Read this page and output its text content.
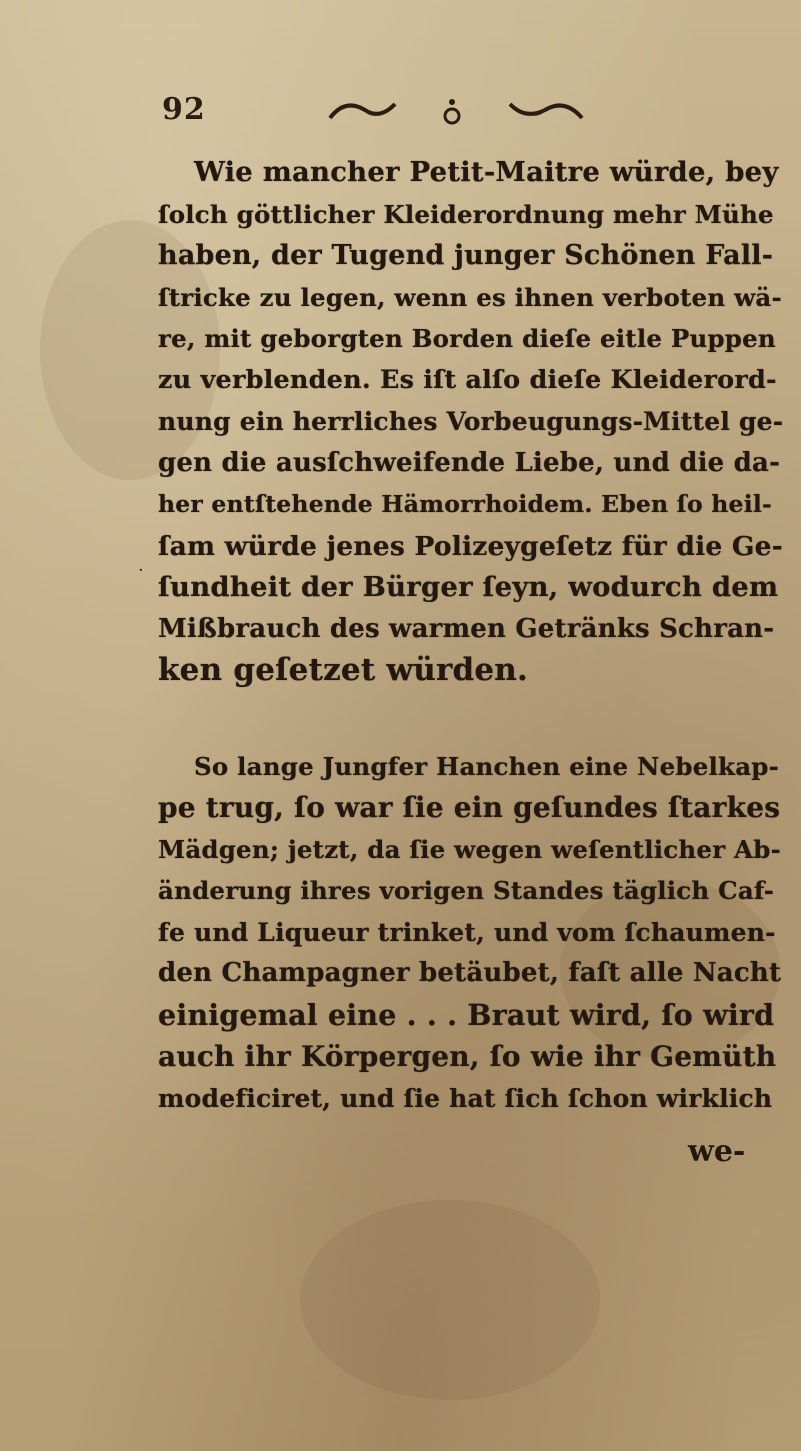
92
·
Wie mancher Petit-Maitre würde, bey
ſolch göttlicher Kleiderordnung mehr Mühe
haben, der Tugend junger Schönen Fall-
ſtricke zu legen, wenn es ihnen verboten wä-
re, mit geborgten Borden dieſe eitle Puppen
zu verblenden. Es iſt alſo dieſe Kleiderord-
nung ein herrliches Vorbeugungs-Mittel ge-
gen die ausſchweifende Liebe, und die da-
her entſtehende Hämorrhoidem. Eben ſo heil-
ſam würde jenes Polizeygeſetz für die Ge-
ſundheit der Bürger ſeyn, wodurch dem
Mißbrauch des warmen Getränks Schran-
ken geſetzet würden.
So lange Jungfer Hanchen eine Nebelkap-
pe trug, ſo war ſie ein geſundes ſtarkes
Mädgen; jetzt, da ſie wegen weſentlicher Ab-
änderung ihres vorigen Standes täglich Caf-
fe und Liqueur trinket, und vom ſchaumen-
den Champagner betäubet, faſt alle Nacht
einigemal eine . . . Braut wird, ſo wird
auch ihr Körpergen, ſo wie ihr Gemüth
modeficiret, und ſie hat ſich ſchon wirklich
we-
